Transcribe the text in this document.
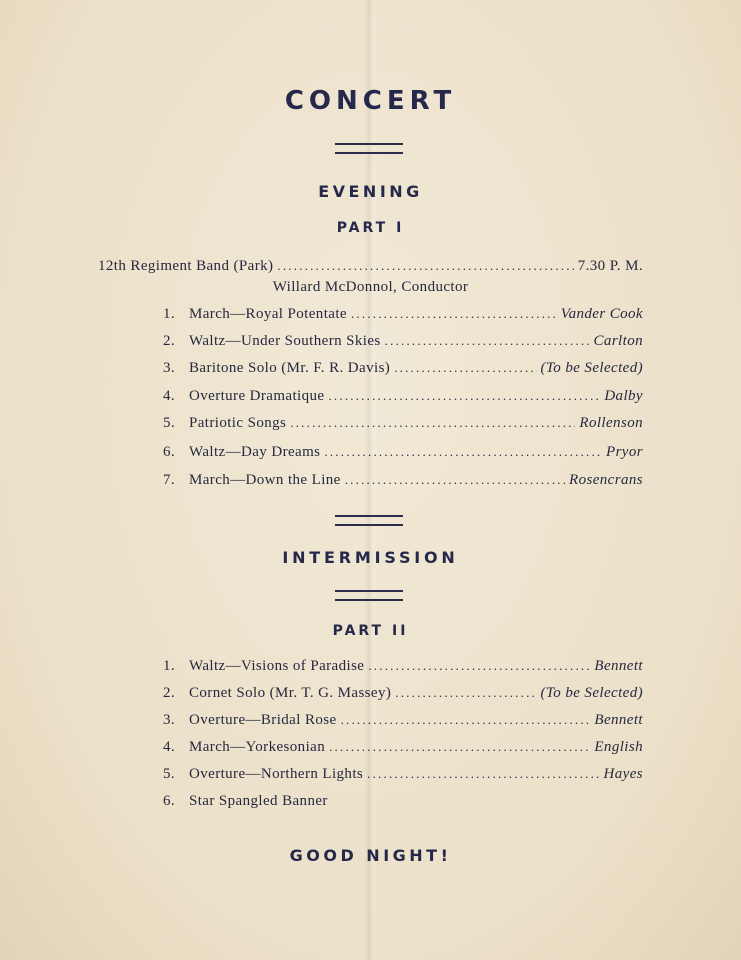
CONCERT
EVENING
PART I
12th Regiment Band (Park) .....	7.30 P. M.
Willard McDonnol, Conductor
1. March—Royal Potentate .....	Vander Cook
2. Waltz—Under Southern Skies .....	Carlton
3. Baritone Solo (Mr. F. R. Davis) .....	(To be Selected)
4. Overture Dramatique .....	Dalby
5. Patriotic Songs .....	Rollenson
6. Waltz—Day Dreams .....	Pryor
7. March—Down the Line .....	Rosencrans
INTERMISSION
PART II
1. Waltz—Visions of Paradise .....	Bennett
2. Cornet Solo (Mr. T. G. Massey) .....	(To be Selected)
3. Overture—Bridal Rose .....	Bennett
4. March—Yorkesonian .....	English
5. Overture—Northern Lights .....	Hayes
6. Star Spangled Banner
GOOD NIGHT!
